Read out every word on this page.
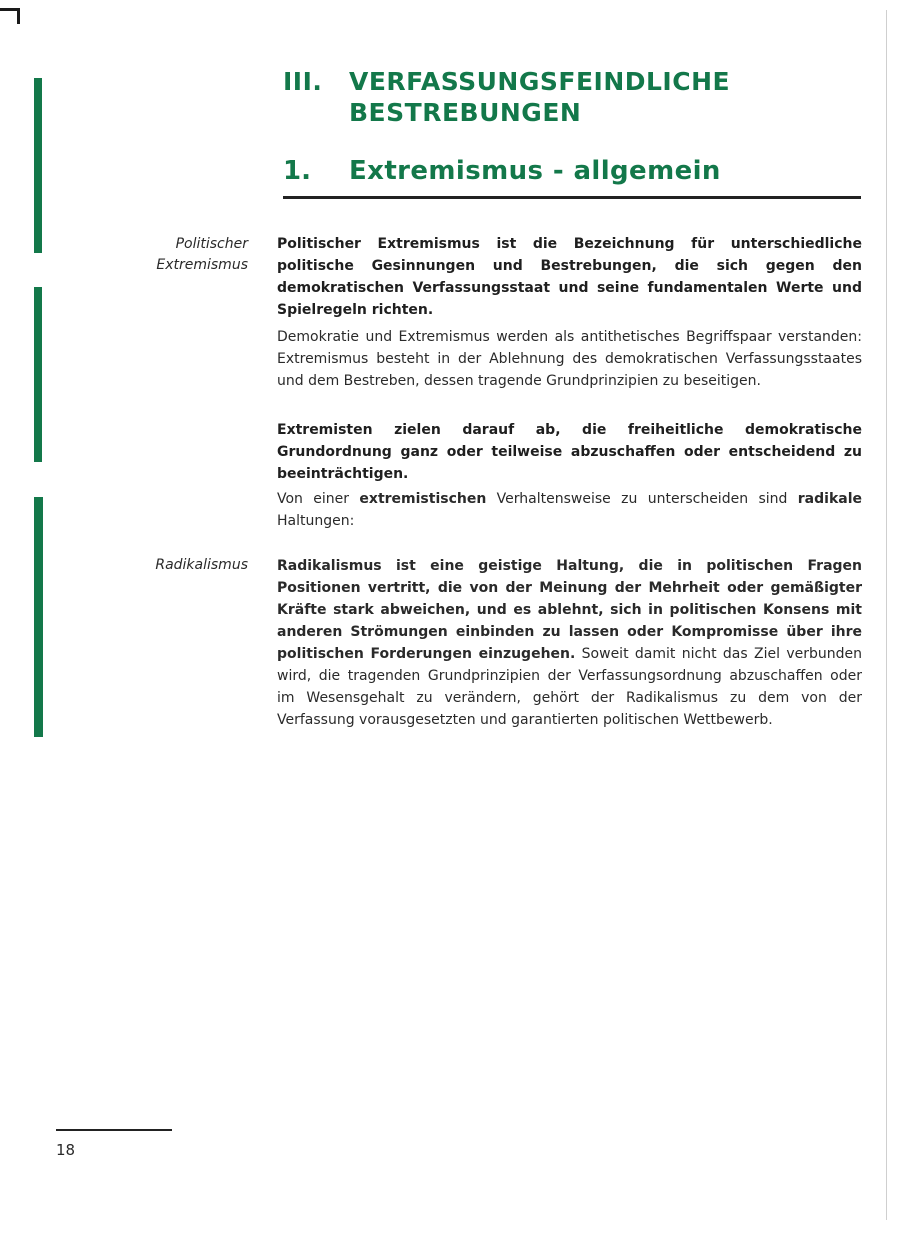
III. VERFASSUNGSFEINDLICHE BESTREBUNGEN
1. Extremismus - allgemein
Politischer Extremismus
Politischer Extremismus ist die Bezeichnung für unterschiedliche politische Gesinnungen und Bestrebungen, die sich gegen den demokratischen Verfassungsstaat und seine fundamentalen Werte und Spielregeln richten.
Demokratie und Extremismus werden als antithetisches Begriffspaar verstanden: Extremismus besteht in der Ablehnung des demokratischen Verfassungsstaates und dem Bestreben, dessen tragende Grundprinzipien zu beseitigen.
Extremisten zielen darauf ab, die freiheitliche demokratische Grundordnung ganz oder teilweise abzuschaffen oder entscheidend zu beeinträchtigen.
Von einer extremistischen Verhaltensweise zu unterscheiden sind radikale Haltungen:
Radikalismus Radikalismus ist eine geistige Haltung, die in politischen Fragen Positionen vertritt, die von der Meinung der Mehrheit oder gemäßigter Kräfte stark abweichen, und es ablehnt, sich in politischen Konsens mit anderen Strömungen einbinden zu lassen oder Kompromisse über ihre politischen Forderungen einzugehen. Soweit damit nicht das Ziel verbunden wird, die tragenden Grundprinzipien der Verfassungsordnung abzuschaffen oder im Wesensgehalt zu verändern, gehört der Radikalismus zu dem von der Verfassung vorausgesetzten und garantierten politischen Wettbewerb.
18
